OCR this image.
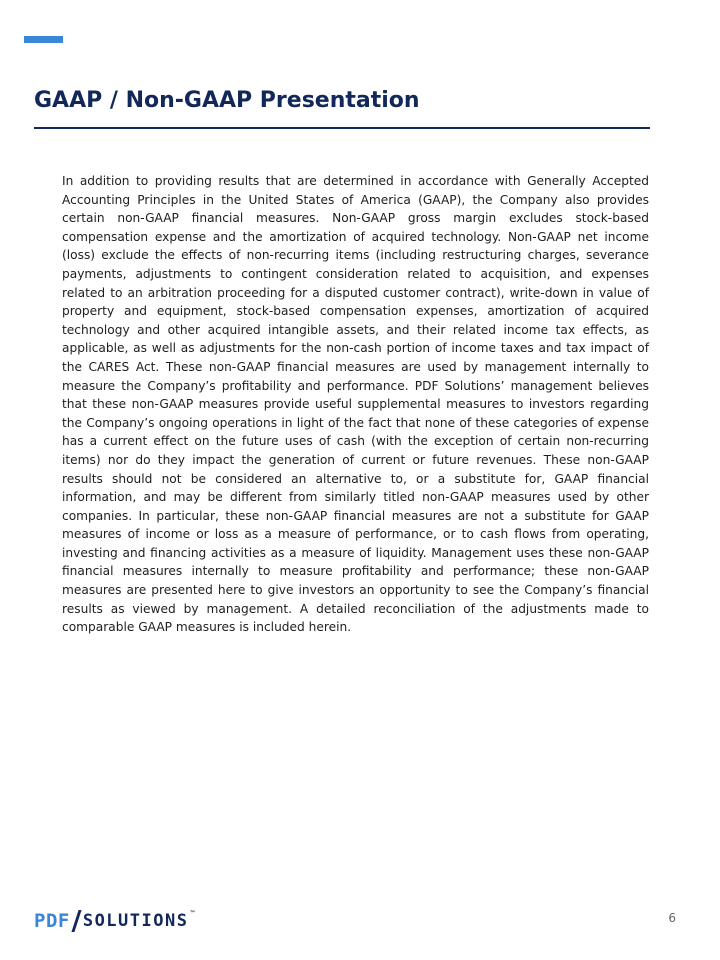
GAAP / Non-GAAP Presentation

In addition to providing results that are determined in accordance with Generally Accepted Accounting Principles in the United States of America (GAAP), the Company also provides certain non-GAAP financial measures. Non-GAAP gross margin excludes stock-based compensation expense and the amortization of acquired technology. Non-GAAP net income (loss) exclude the effects of non-recurring items (including restructuring charges, severance payments, adjustments to contingent consideration related to acquisition, and expenses related to an arbitration proceeding for a disputed customer contract), write-down in value of property and equipment, stock-based compensation expenses, amortization of acquired technology and other acquired intangible assets, and their related income tax effects, as applicable, as well as adjustments for the non-cash portion of income taxes and tax impact of the CARES Act. These non-GAAP financial measures are used by management internally to measure the Company’s profitability and performance. PDF Solutions’ management believes that these non-GAAP measures provide useful supplemental measures to investors regarding the Company’s ongoing operations in light of the fact that none of these categories of expense has a current effect on the future uses of cash (with the exception of certain non-recurring items) nor do they impact the generation of current or future revenues. These non-GAAP results should not be considered an alternative to, or a substitute for, GAAP financial information, and may be different from similarly titled non-GAAP measures used by other companies. In particular, these non-GAAP financial measures are not a substitute for GAAP measures of income or loss as a measure of performance, or to cash flows from operating, investing and financing activities as a measure of liquidity. Management uses these non-GAAP financial measures internally to measure profitability and performance; these non-GAAP measures are presented here to give investors an opportunity to see the Company’s financial results as viewed by management. A detailed reconciliation of the adjustments made to comparable GAAP measures is included herein.

PDF SOLUTIONS ™	6
